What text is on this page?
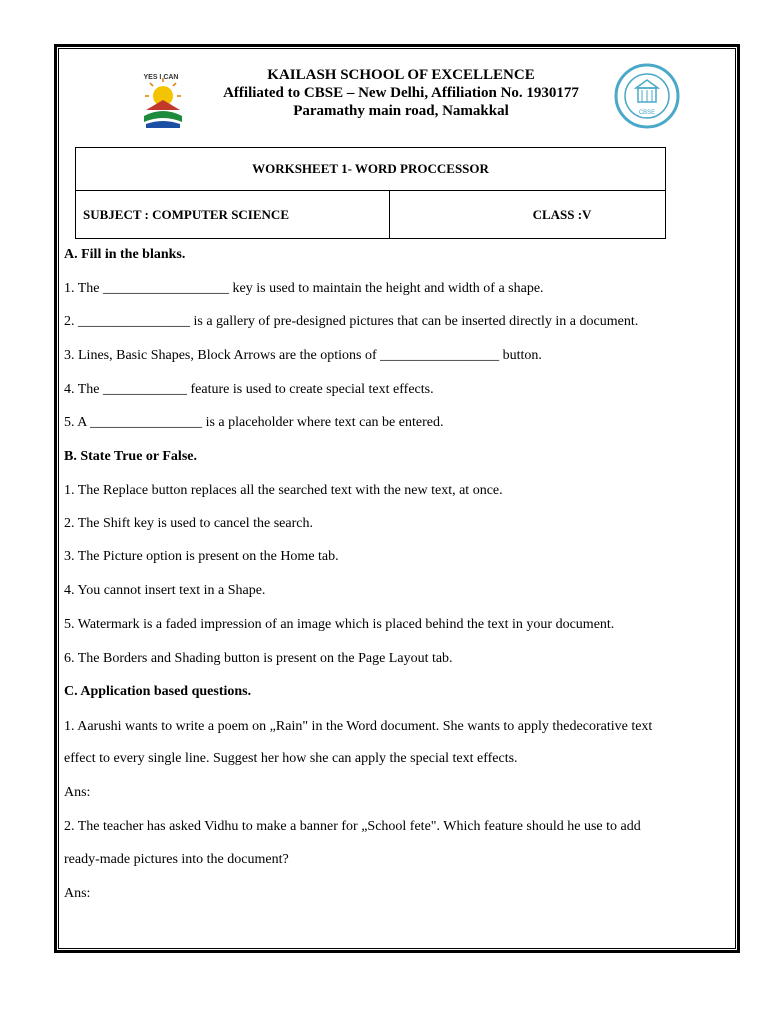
YES I CAN
CBSE
KAILASH SCHOOL OF EXCELLENCE
Affiliated to CBSE – New Delhi, Affiliation No. 1930177
Paramathy main road, Namakkal
WORKSHEET 1- WORD PROCCESSOR
SUBJECT : COMPUTER SCIENCE	CLASS :V
A. Fill in the blanks.
1. The __________________ key is used to maintain the height and width of a shape.
2. ________________ is a gallery of pre-designed pictures that can be inserted directly in a document.
3. Lines, Basic Shapes, Block Arrows are the options of _________________ button.
4. The ____________ feature is used to create special text effects.
5. A ________________ is a placeholder where text can be entered.
B. State True or False.
1. The Replace button replaces all the searched text with the new text, at once.
2. The Shift key is used to cancel the search.
3. The Picture option is present on the Home tab.
4. You cannot insert text in a Shape.
5. Watermark is a faded impression of an image which is placed behind the text in your document.
6. The Borders and Shading button is present on the Page Layout tab.
C. Application based questions.
1. Aarushi wants to write a poem on „Rain" in the Word document. She wants to apply thedecorative text
effect to every single line. Suggest her how she can apply the special text effects.
Ans:
2. The teacher has asked Vidhu to make a banner for „School fete". Which feature should he use to add
ready-made pictures into the document?
Ans:
